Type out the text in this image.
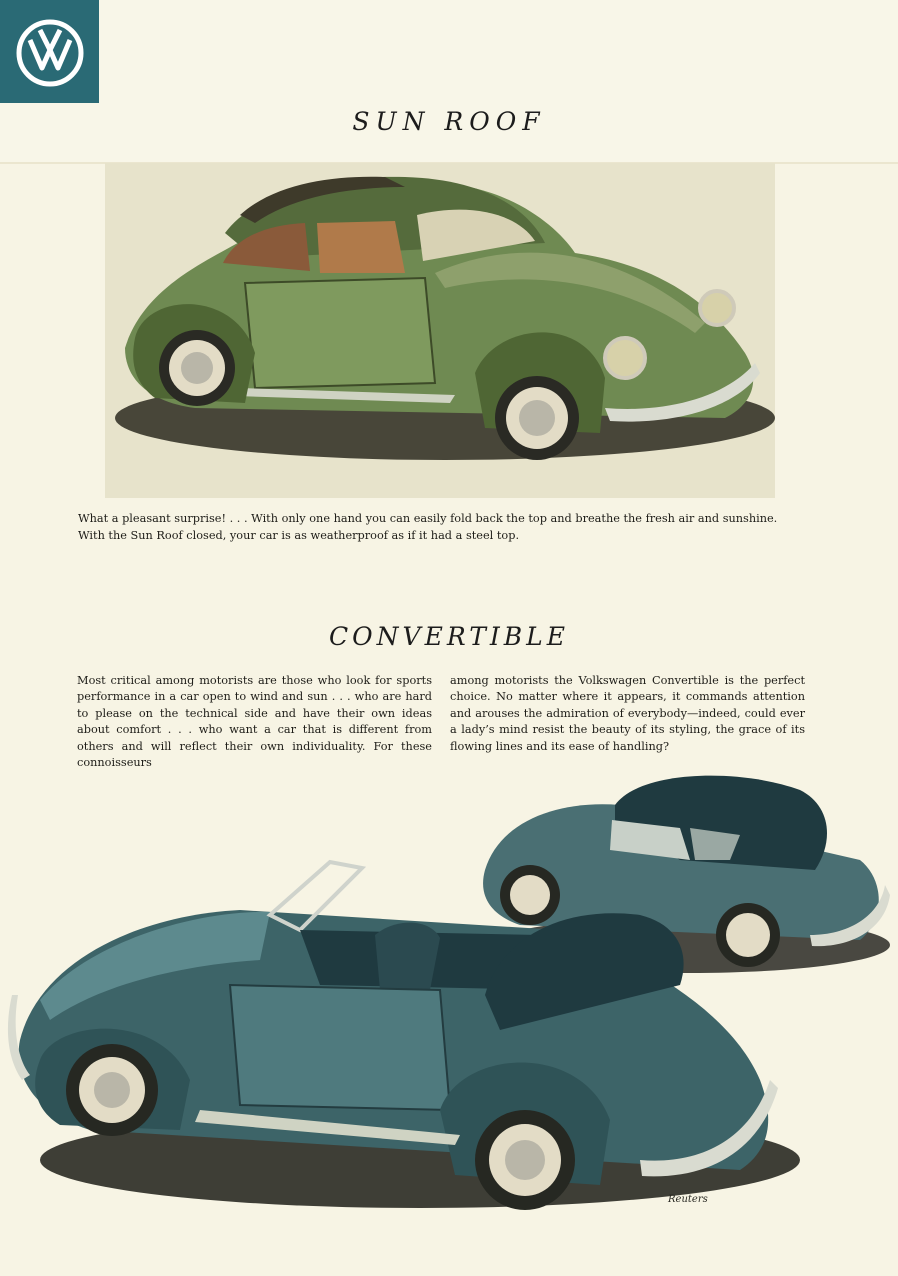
SUN ROOF
What a pleasant surprise! . . . With only one hand you can easily fold back the top and breathe the fresh air and sunshine.
With the Sun Roof closed, your car is as weatherproof as if it had a steel top.
CONVERTIBLE
Most critical among motorists are those who look for sports performance in a car open to wind and sun . . . who are hard to please on the technical side and have their own ideas about comfort . . . who want a car that is different from others and will reflect their own individuality. For these connoisseurs
among motorists the Volkswagen Convertible is the perfect choice. No matter where it appears, it commands attention and arouses the admiration of everybody—indeed, could ever a lady’s mind resist the beauty of its styling, the grace of its flowing lines and its ease of handling?
Reuters
